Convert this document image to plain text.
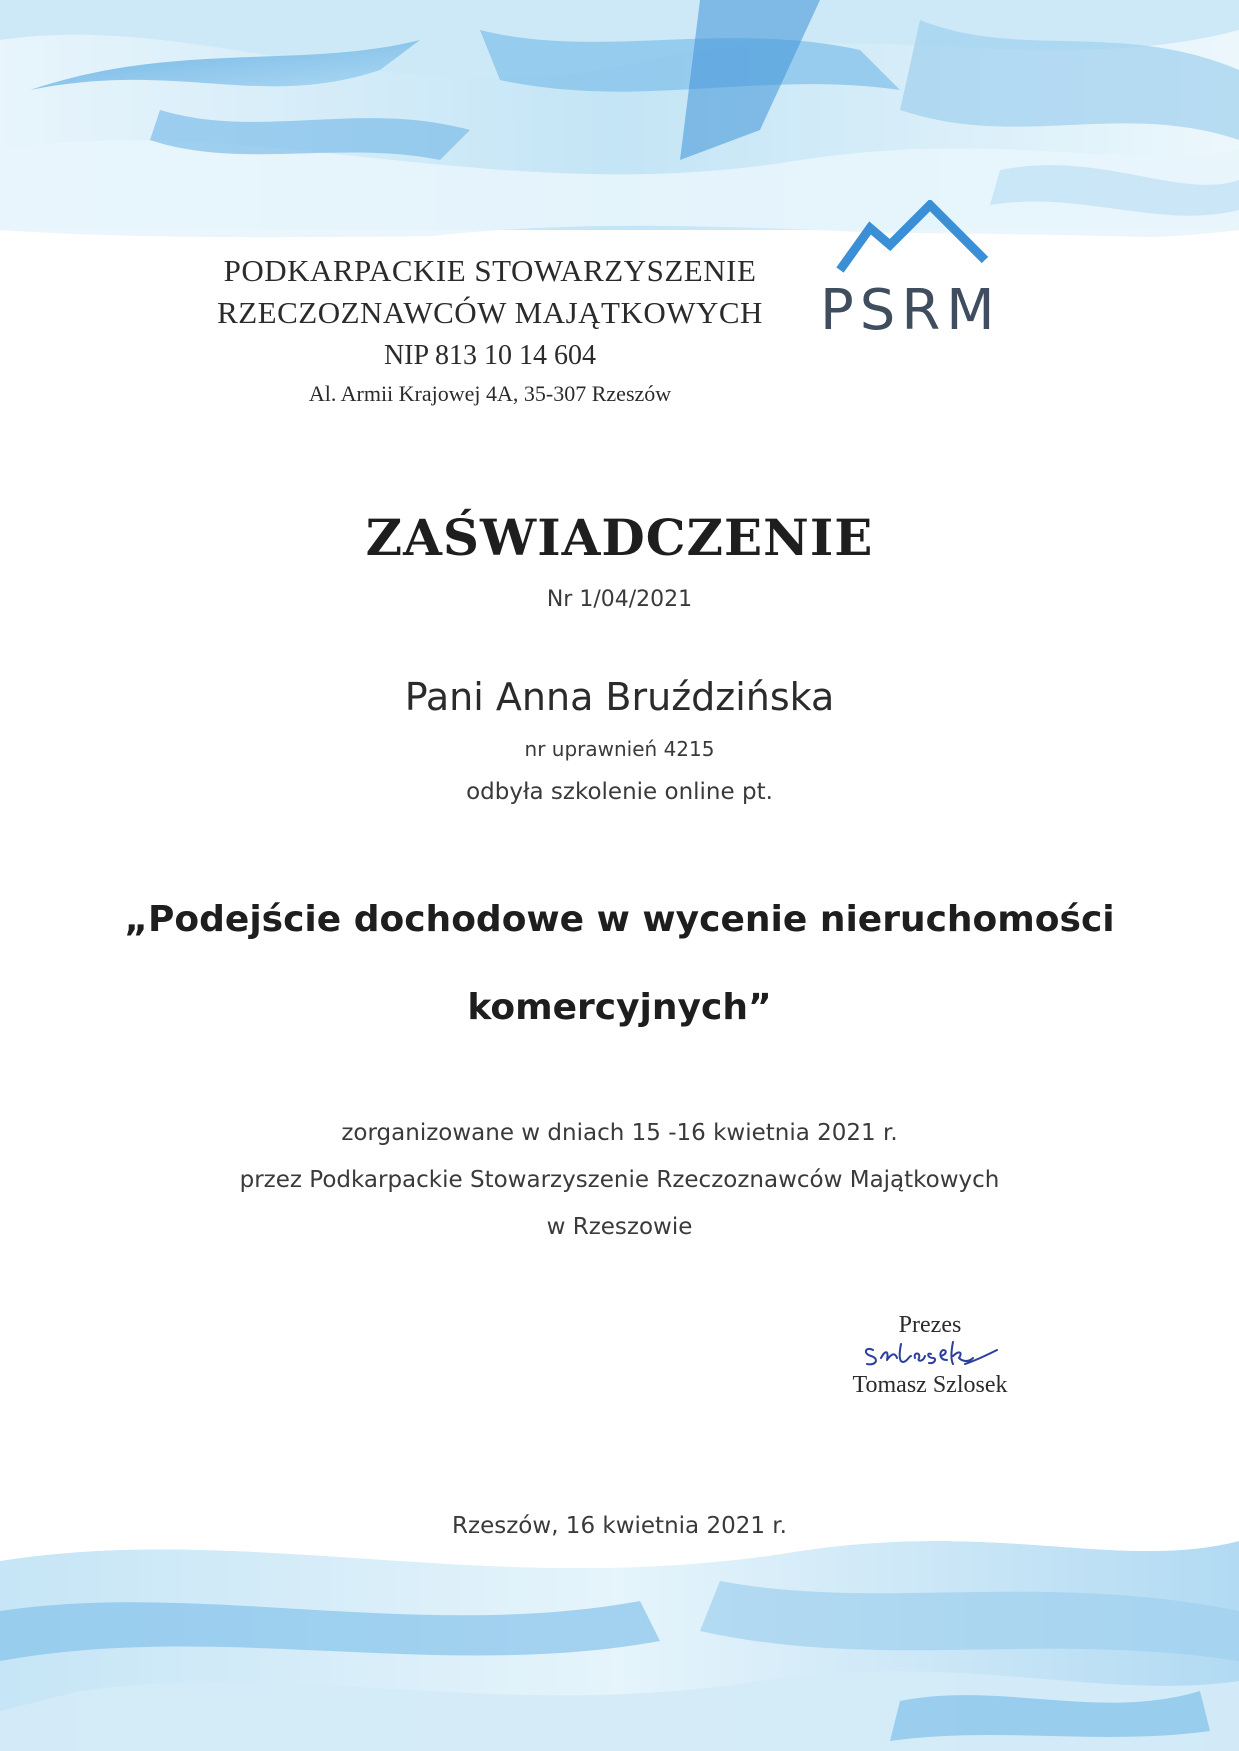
PODKARPACKIE STOWARZYSZENIE
RZECZOZNAWCÓW MAJĄTKOWYCH
NIP 813 10 14 604
Al. Armii Krajowej 4A, 35-307 Rzeszów
PSRM
ZAŚWIADCZENIE
Nr 1/04/2021
Pani Anna Bruździńska
nr uprawnień 4215
odbyła szkolenie online pt.
„Podejście dochodowe w wycenie nieruchomości
komercyjnych”
zorganizowane w dniach 15 -16 kwietnia 2021 r.
przez Podkarpackie Stowarzyszenie Rzeczoznawców Majątkowych
w Rzeszowie
Prezes
Tomasz Szlosek
Rzeszów, 16 kwietnia 2021 r.
